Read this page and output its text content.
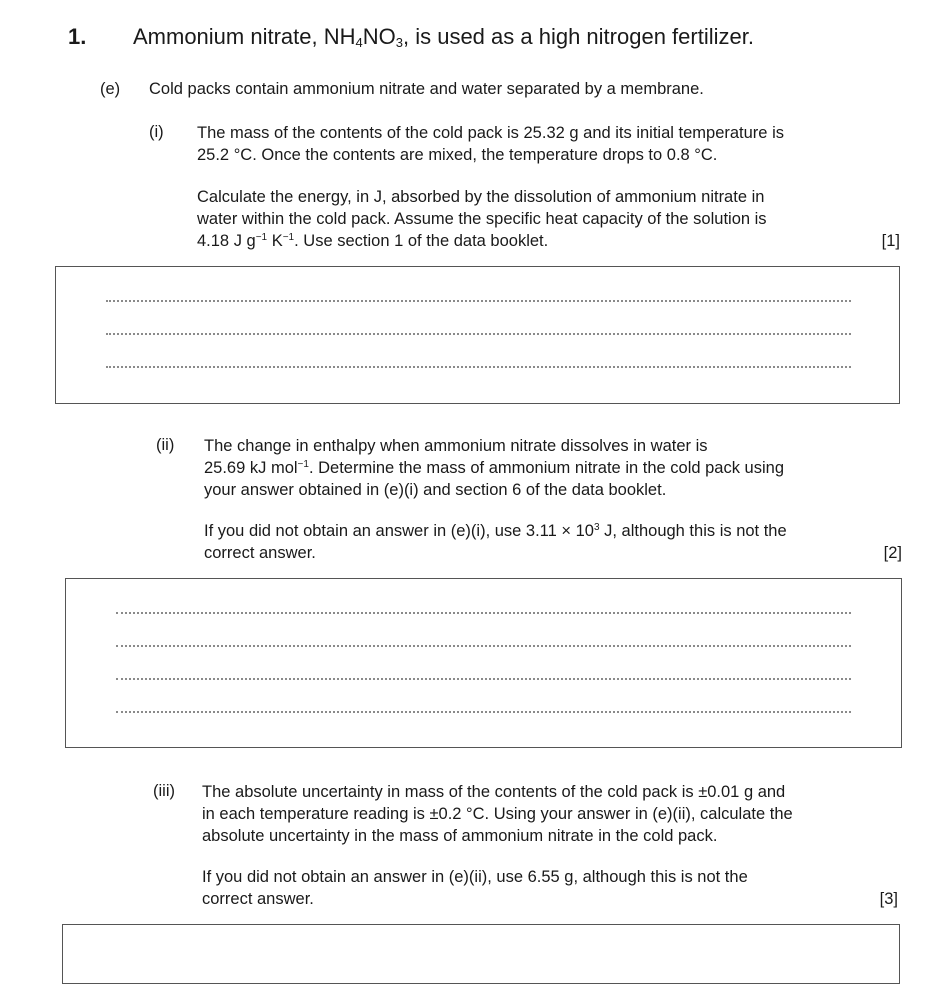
1. Ammonium nitrate, $NH_4NO_3$, is used as a high nitrogen fertilizer.
(e) Cold packs contain ammonium nitrate and water separated by a membrane.
(i) The mass of the contents of the cold pack is 25.32 g and its initial temperature is
25.2 °C. Once the contents are mixed, the temperature drops to 0.8 °C.
Calculate the energy, in J, absorbed by the dissolution of ammonium nitrate in
water within the cold pack. Assume the specific heat capacity of the solution is
4.18 J $g^{-1}$ $K^{-1}$. Use section 1 of the data booklet.	[1]
(ii) The change in enthalpy when ammonium nitrate dissolves in water is
25.69 kJ mol$^{-1}$. Determine the mass of ammonium nitrate in the cold pack using
your answer obtained in (e)(i) and section 6 of the data booklet.
If you did not obtain an answer in (e)(i), use $3.11 \times 10^3$ J, although this is not the
correct answer.	[2]
(iii) The absolute uncertainty in mass of the contents of the cold pack is ±0.01 g and
in each temperature reading is ±0.2 °C. Using your answer in (e)(ii), calculate the
absolute uncertainty in the mass of ammonium nitrate in the cold pack.
If you did not obtain an answer in (e)(ii), use 6.55 g, although this is not the
correct answer.	[3]
